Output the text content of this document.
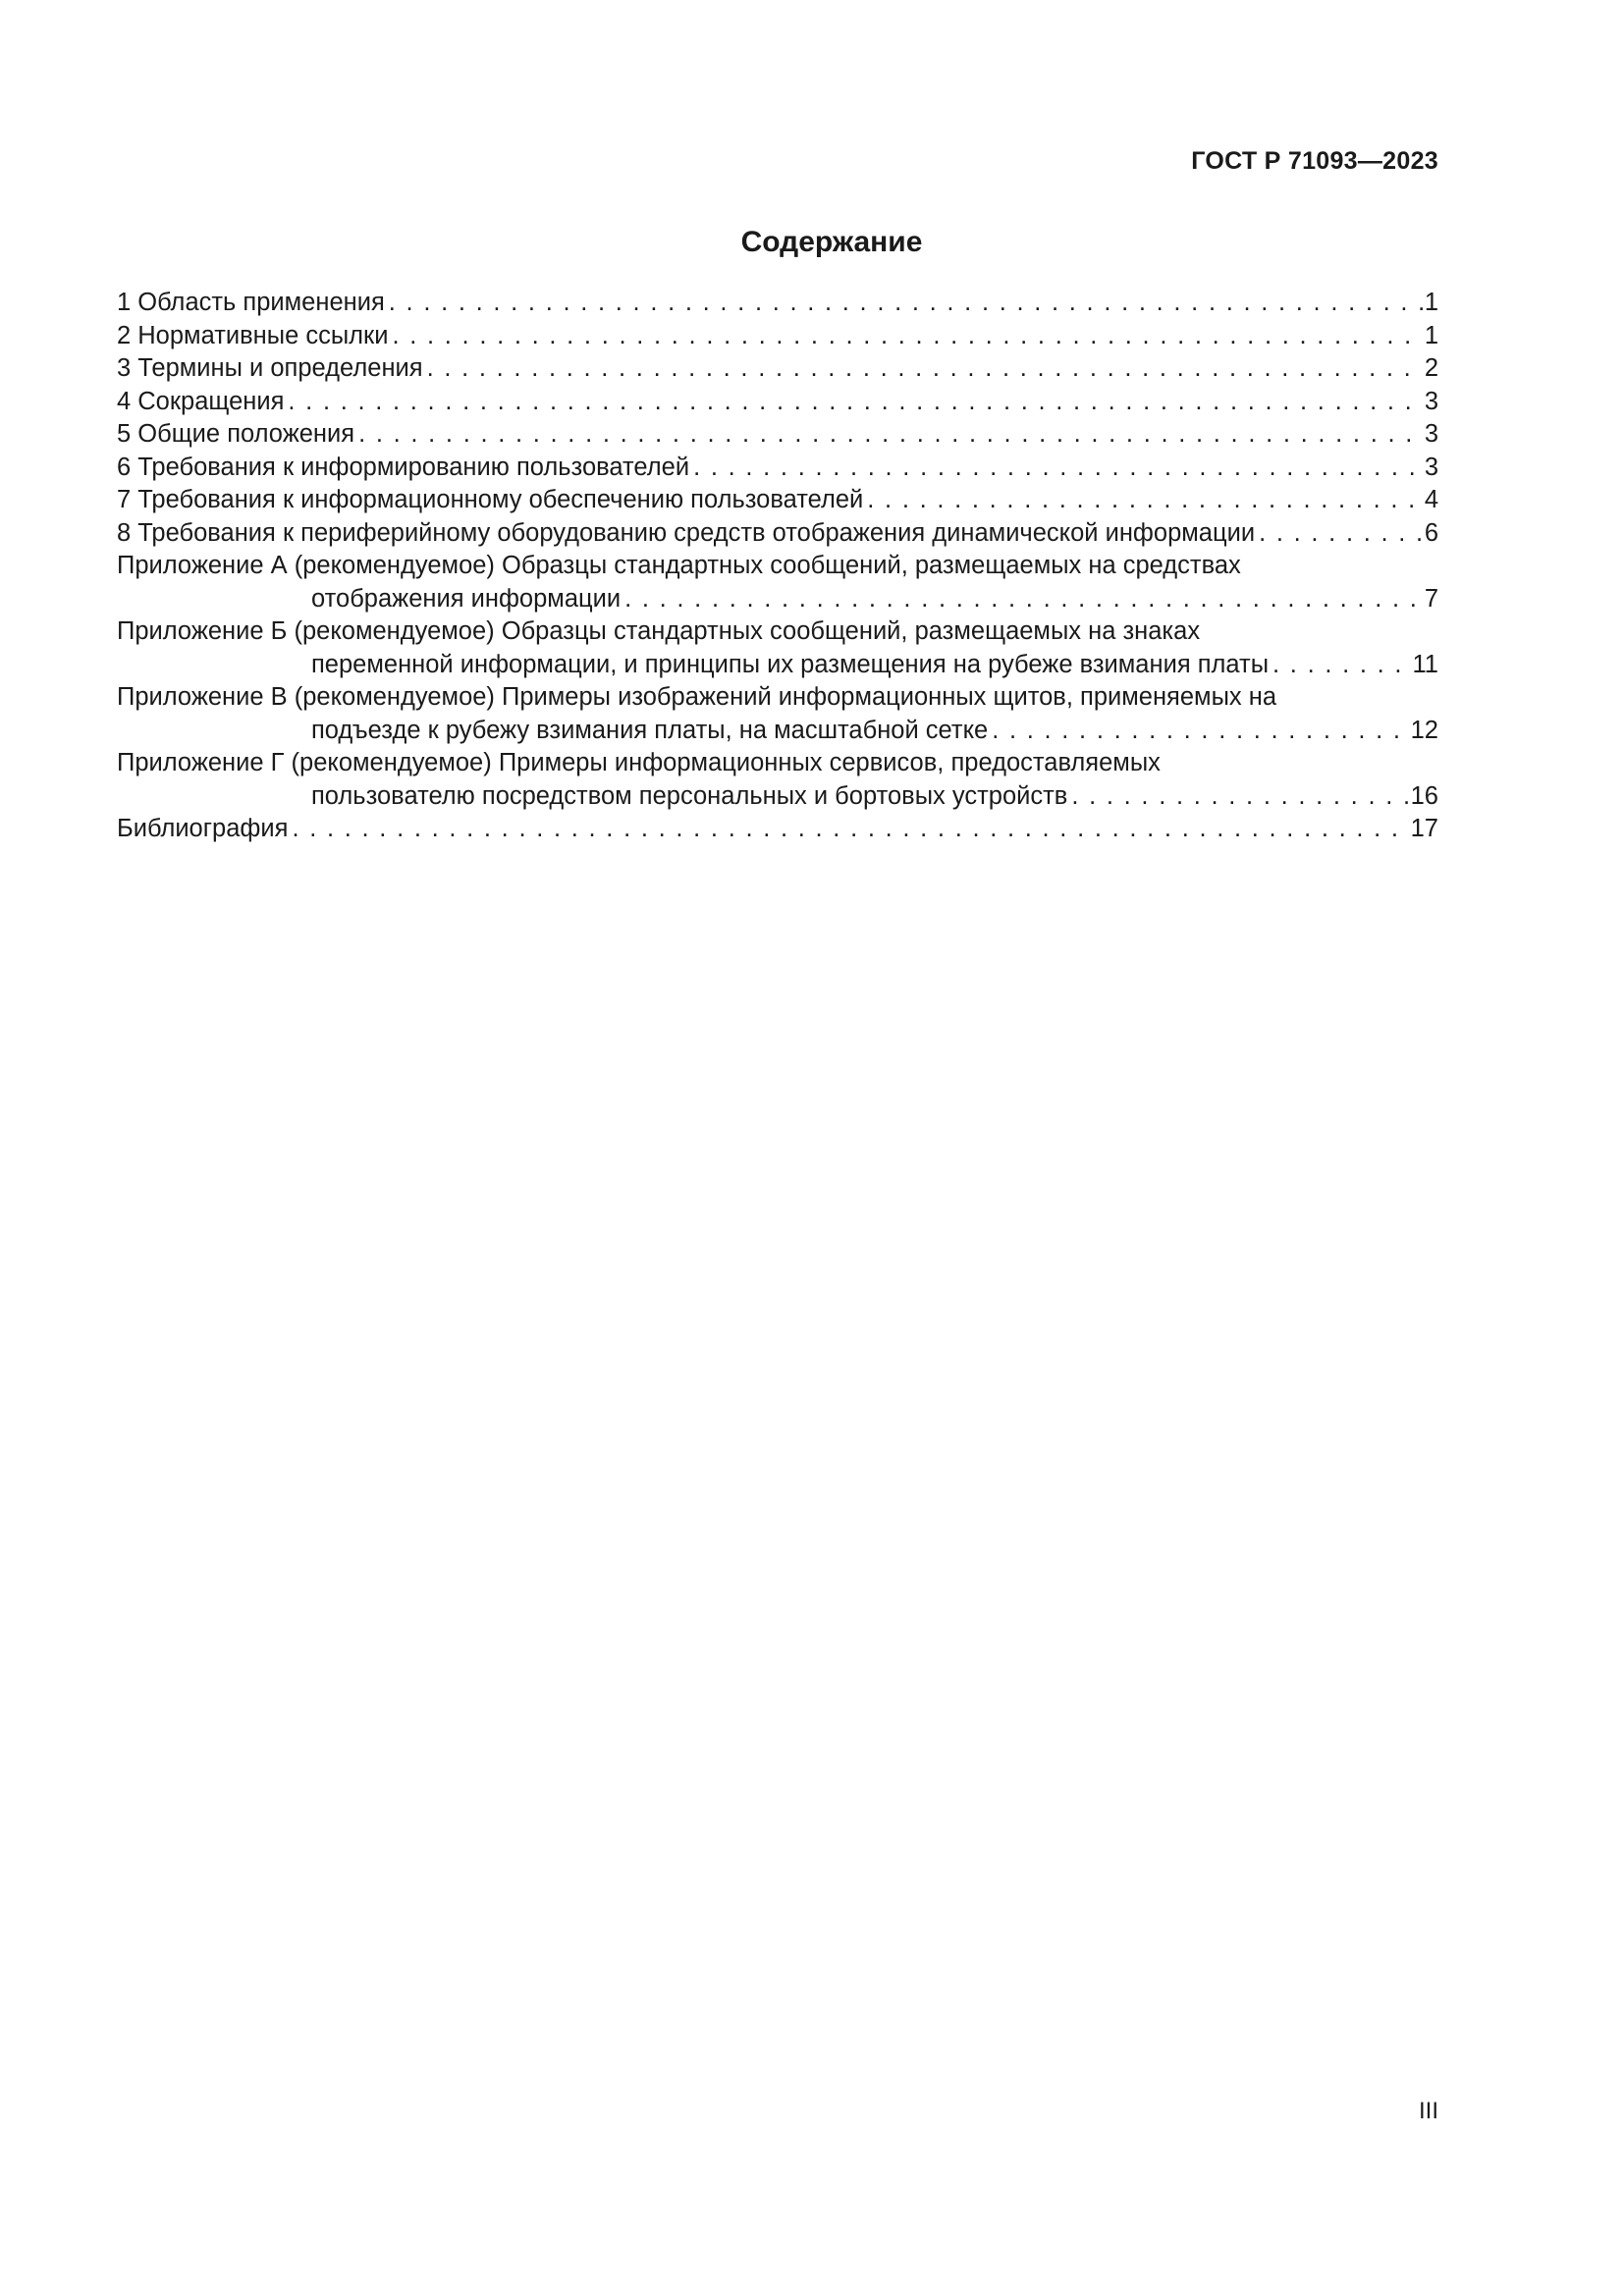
ГОСТ Р 71093—2023
Содержание
1 Область применения . . .	1
2 Нормативные ссылки . . .	1
3 Термины и определения . . .	2
4 Сокращения . . .	3
5 Общие положения . . .	3
6 Требования к информированию пользователей . . .	3
7 Требования к информационному обеспечению пользователей . . .	4
8 Требования к периферийному оборудованию средств отображения динамической информации . . .	6
Приложение А (рекомендуемое) Образцы стандартных сообщений, размещаемых на средствах
отображения информации . . .	7
Приложение Б (рекомендуемое) Образцы стандартных сообщений, размещаемых на знаках
переменной информации, и принципы их размещения на рубеже взимания платы . . .	11
Приложение В (рекомендуемое) Примеры изображений информационных щитов, применяемых на
подъезде к рубежу взимания платы, на масштабной сетке . . .	12
Приложение Г (рекомендуемое) Примеры информационных сервисов, предоставляемых
пользователю посредством персональных и бортовых устройств . . .	16
Библиография . . .	17
III
